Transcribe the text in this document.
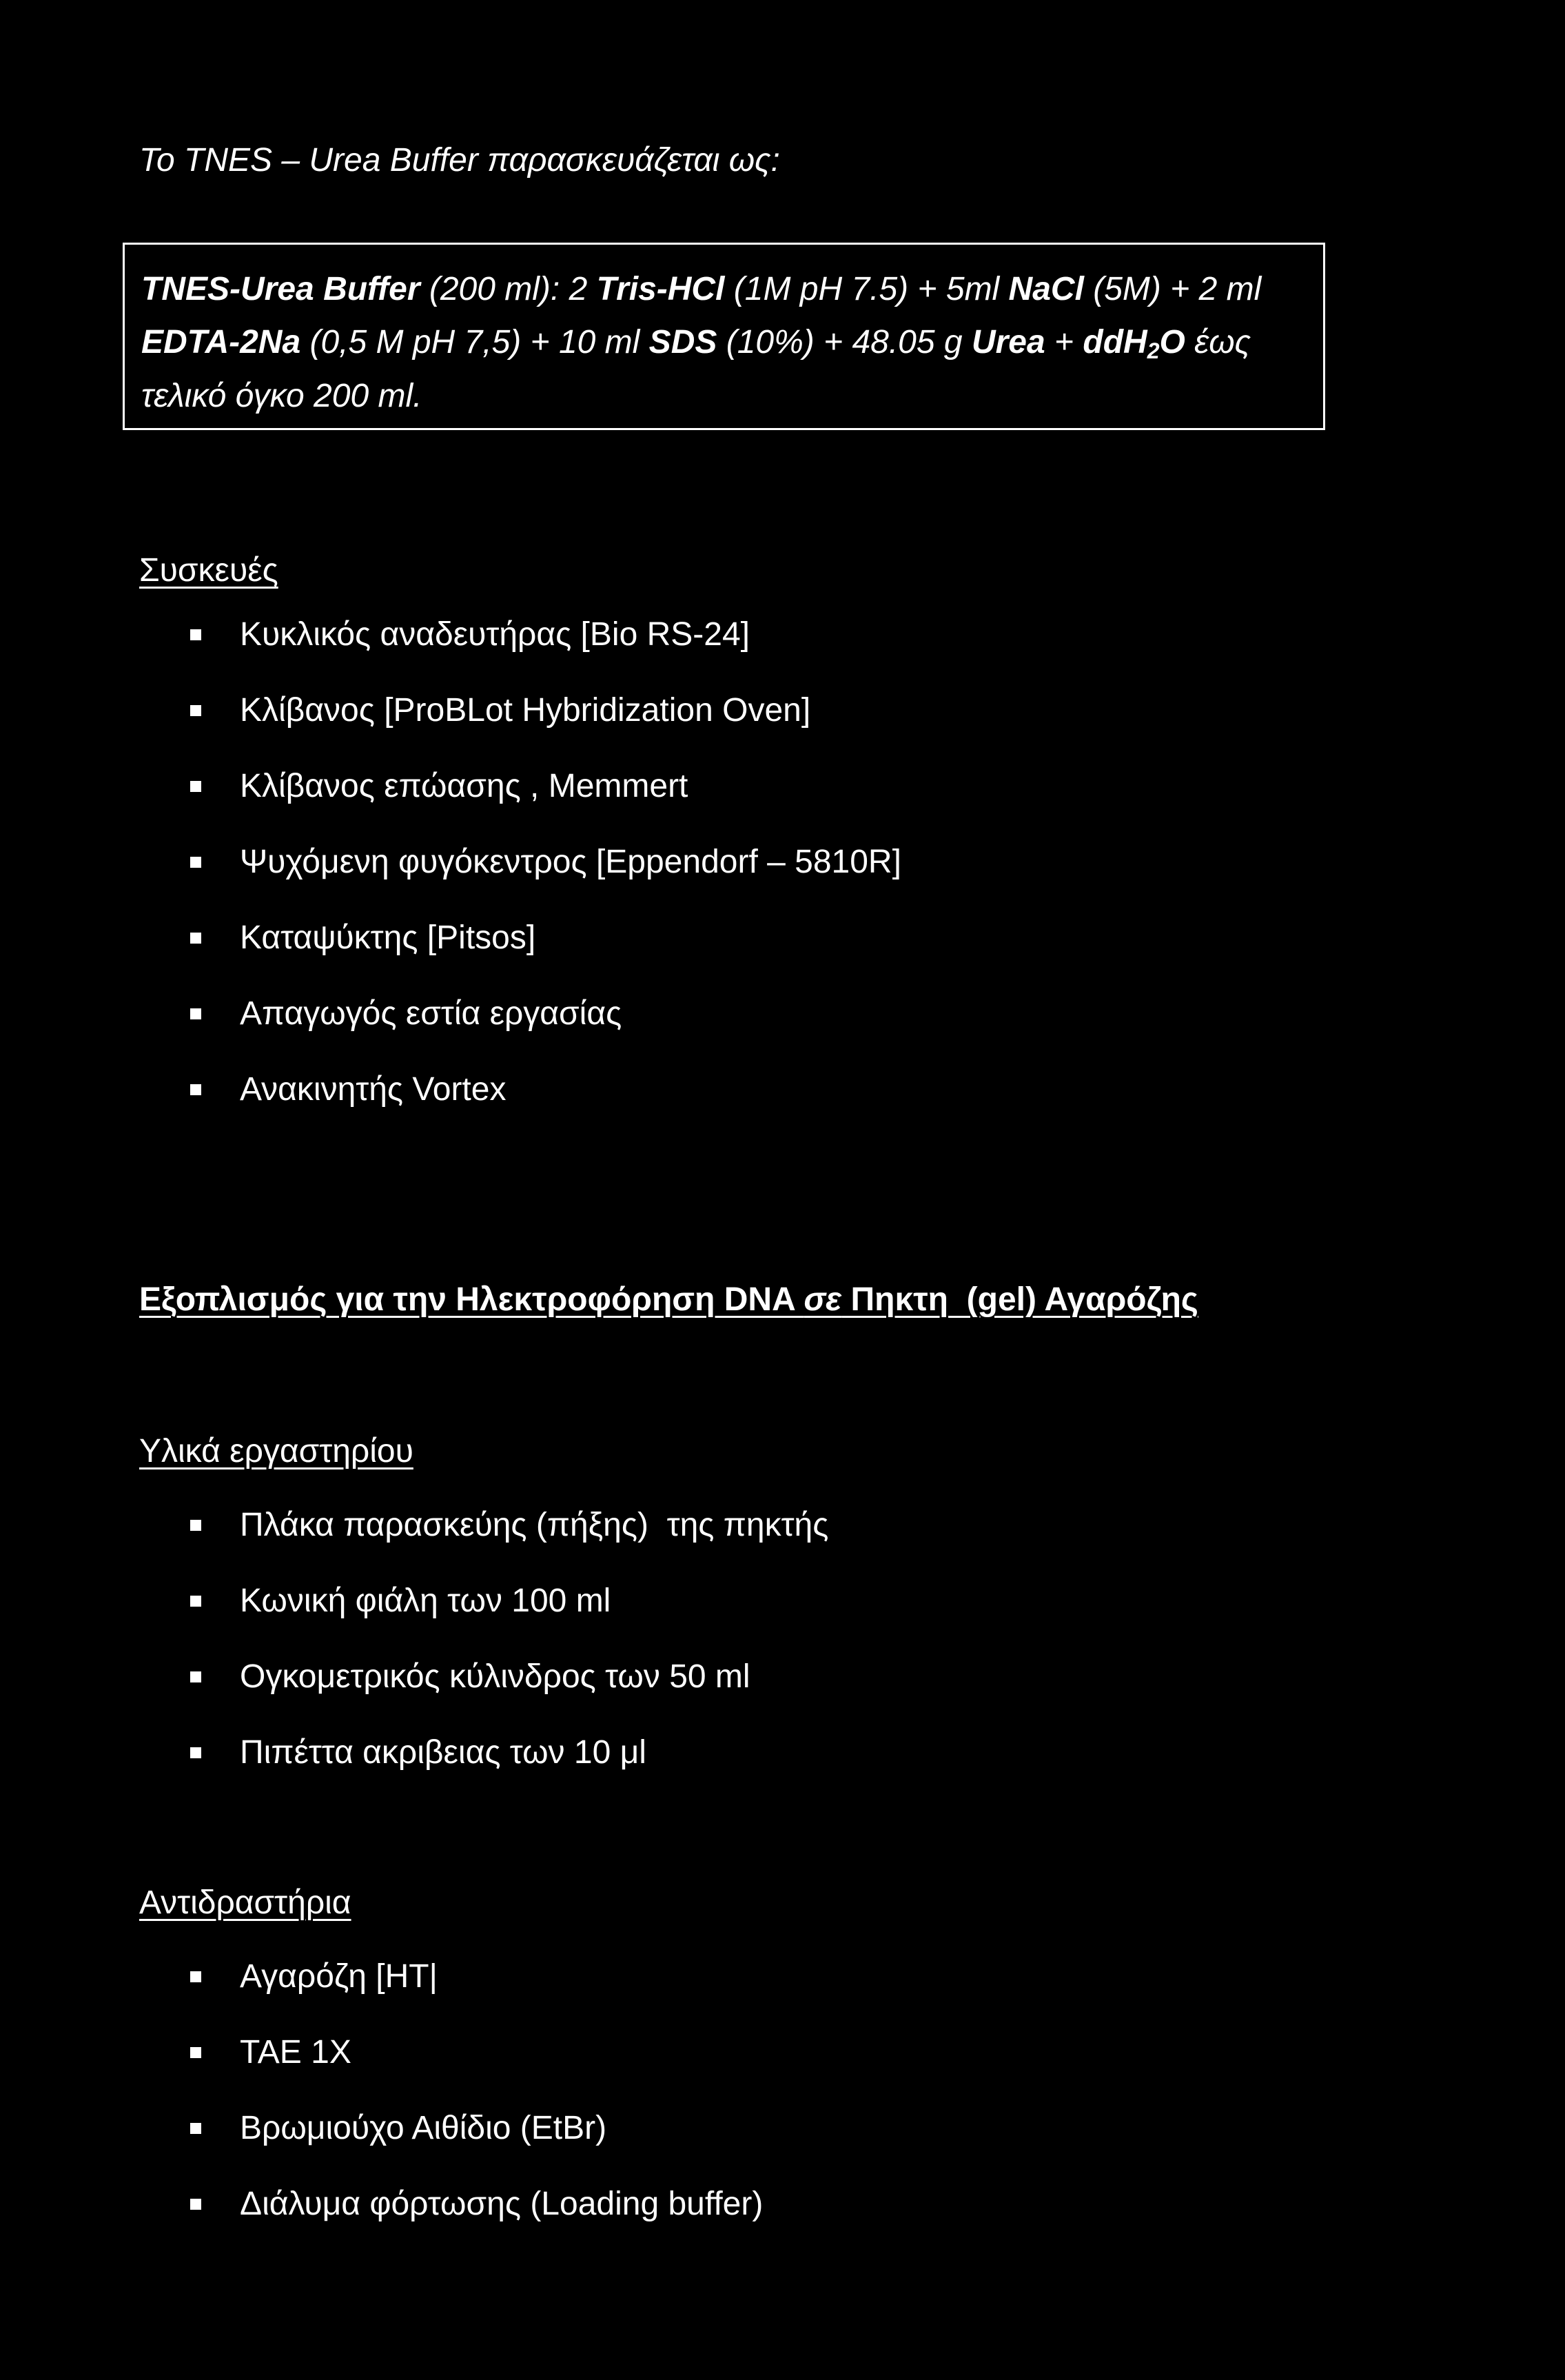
Το TNES – Urea Buffer παρασκευάζεται ως:
TNES-Urea Buffer (200 ml): 2 Tris-HCl (1M pH 7.5) + 5ml NaCl (5M) + 2 ml
EDTA-2Na (0,5 M pH 7,5) + 10 ml SDS (10%) + 48.05 g Urea + ddH$_2$O έως
τελικό όγκο 200 ml.
Συσκευές
Κυκλικός αναδευτήρας [Bio RS-24]
Κλίβανος [ProBLot Hybridization Oven]
Κλίβανος επώασης , Memmert
Ψυχόμενη φυγόκεντρος [Eppendorf – 5810R]
Καταψύκτης [Pitsos]
Απαγωγός εστία εργασίας
Ανακινητής Vortex
Εξοπλισμός για την Ηλεκτροφόρηση DNA σε Πηκτη  (gel) Αγαρόζης
Υλικά εργαστηρίου
Πλάκα παρασκεύης (πήξης)  της πηκτής
Κωνική φιάλη των 100 ml
Ογκομετρικός κύλινδρος των 50 ml
Πιπέττα ακριβειας των 10 μl
Αντιδραστήρια
Αγαρόζη [HT|
TAE 1X
Βρωμιούχο Αιθίδιο (EtBr)
Διάλυμα φόρτωσης (Loading buffer)
